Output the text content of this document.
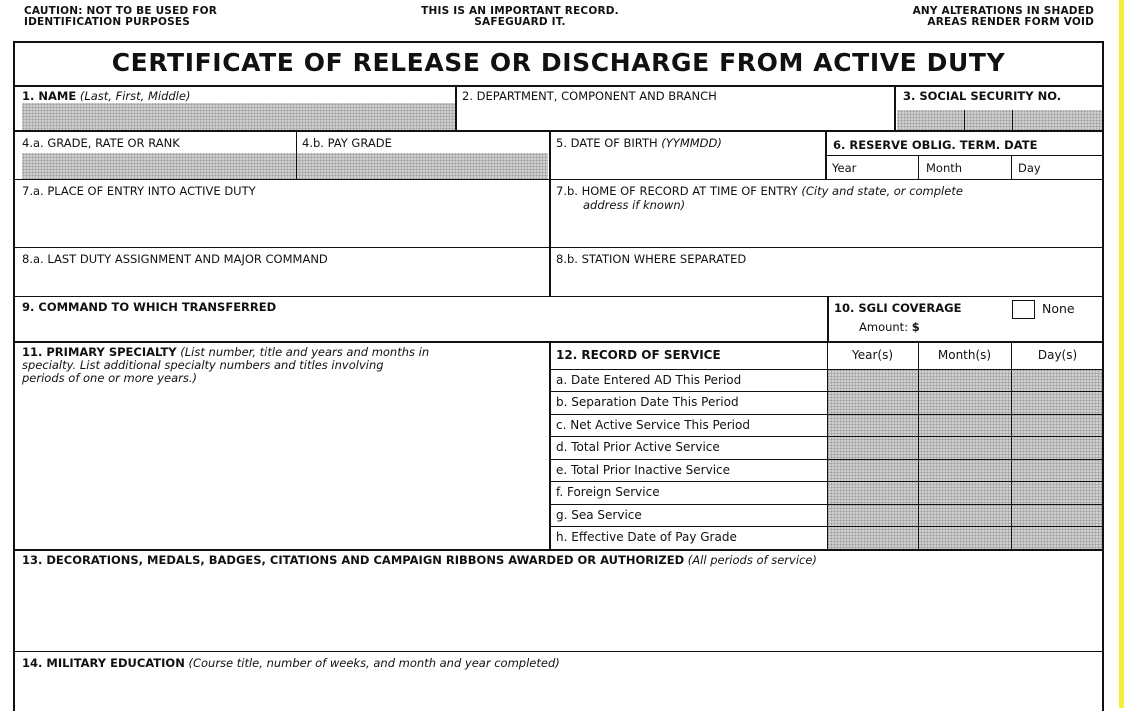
CAUTION: NOT TO BE USED FOR
IDENTIFICATION PURPOSES
THIS IS AN IMPORTANT RECORD.
SAFEGUARD IT.
ANY ALTERATIONS IN SHADED
AREAS RENDER FORM VOID
CERTIFICATE OF RELEASE OR DISCHARGE FROM ACTIVE DUTY
1. NAME (Last, First, Middle)	2. DEPARTMENT, COMPONENT AND BRANCH	3. SOCIAL SECURITY NO.
4.a. GRADE, RATE OR RANK	4.b. PAY GRADE	5. DATE OF BIRTH (YYMMDD)	6. RESERVE OBLIG. TERM. DATE
Year	Month	Day
7.a. PLACE OF ENTRY INTO ACTIVE DUTY	7.b. HOME OF RECORD AT TIME OF ENTRY (City and state, or complete
address if known)
8.a. LAST DUTY ASSIGNMENT AND MAJOR COMMAND	8.b. STATION WHERE SEPARATED
9. COMMAND TO WHICH TRANSFERRED	10. SGLI COVERAGE	None
Amount: $
11. PRIMARY SPECIALTY (List number, title and years and months in
specialty. List additional specialty numbers and titles involving
periods of one or more years.)
12. RECORD OF SERVICE	Year(s)	Month(s)	Day(s)
a. Date Entered AD This Period
b. Separation Date This Period
c. Net Active Service This Period
d. Total Prior Active Service
e. Total Prior Inactive Service
f. Foreign Service
g. Sea Service
h. Effective Date of Pay Grade
13. DECORATIONS, MEDALS, BADGES, CITATIONS AND CAMPAIGN RIBBONS AWARDED OR AUTHORIZED (All periods of service)
14. MILITARY EDUCATION (Course title, number of weeks, and month and year completed)
